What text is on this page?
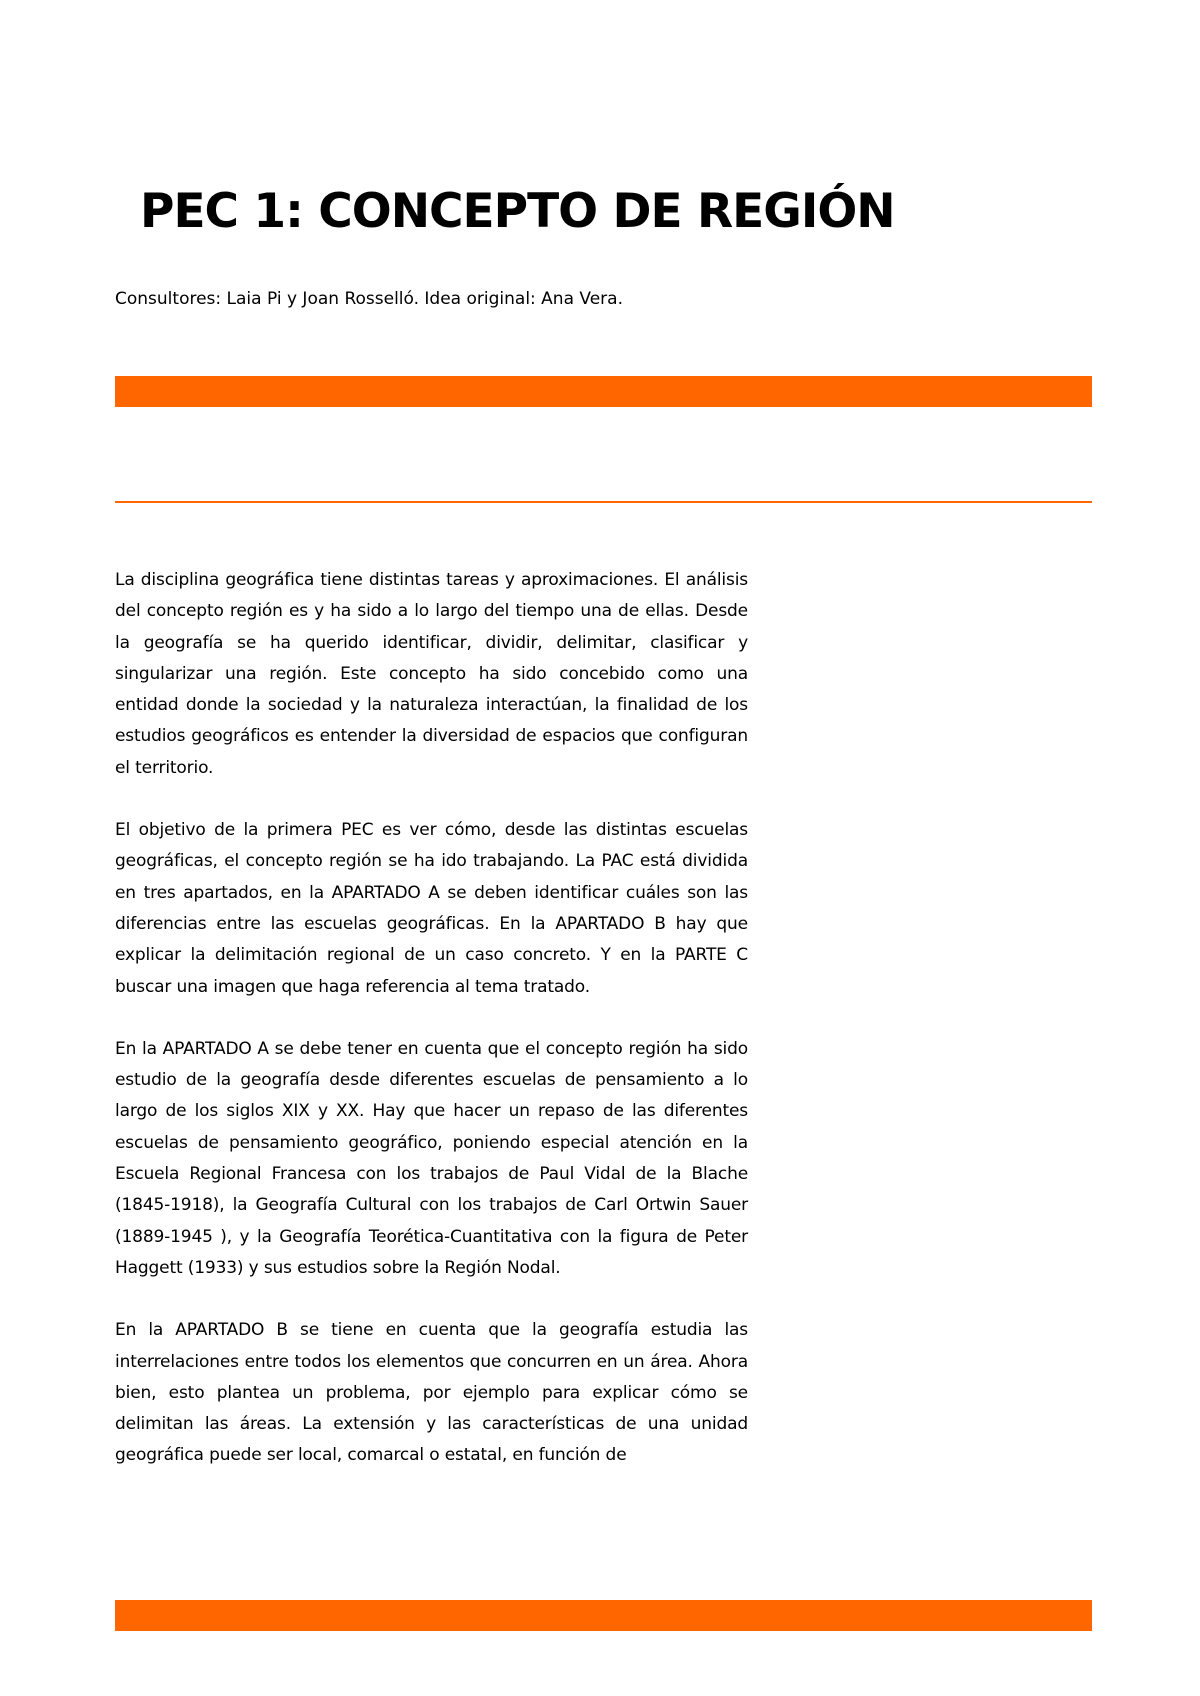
PEC 1: CONCEPTO DE REGIÓN

Consultores: Laia Pi y Joan Rosselló. Idea original: Ana Vera.

La disciplina geográfica tiene distintas tareas y aproximaciones. El análisis del concepto región es y ha sido a lo largo del tiempo una de ellas. Desde la geografía se ha querido identificar, dividir, delimitar, clasificar y singularizar una región. Este concepto ha sido concebido como una entidad donde la sociedad y la naturaleza interactúan, la finalidad de los estudios geográficos es entender la diversidad de espacios que configuran el territorio.

El objetivo de la primera PEC es ver cómo, desde las distintas escuelas geográficas, el concepto región se ha ido trabajando. La PAC está dividida en tres apartados, en la APARTADO A se deben identificar cuáles son las diferencias entre las escuelas geográficas. En la APARTADO B hay que explicar la delimitación regional de un caso concreto. Y en la PARTE C buscar una imagen que haga referencia al tema tratado.

En la APARTADO A se debe tener en cuenta que el concepto región ha sido estudio de la geografía desde diferentes escuelas de pensamiento a lo largo de los siglos XIX y XX. Hay que hacer un repaso de las diferentes escuelas de pensamiento geográfico, poniendo especial atención en la Escuela Regional Francesa con los trabajos de Paul Vidal de la Blache (1845-1918), la Geografía Cultural con los trabajos de Carl Ortwin Sauer (1889-1945 ), y la Geografía Teorética-Cuantitativa con la figura de Peter Haggett (1933) y sus estudios sobre la Región Nodal.

En la APARTADO B se tiene en cuenta que la geografía estudia las interrelaciones entre todos los elementos que concurren en un área. Ahora bien, esto plantea un problema, por ejemplo para explicar cómo se delimitan las áreas. La extensión y las características de una unidad geográfica puede ser local, comarcal o estatal, en función de
